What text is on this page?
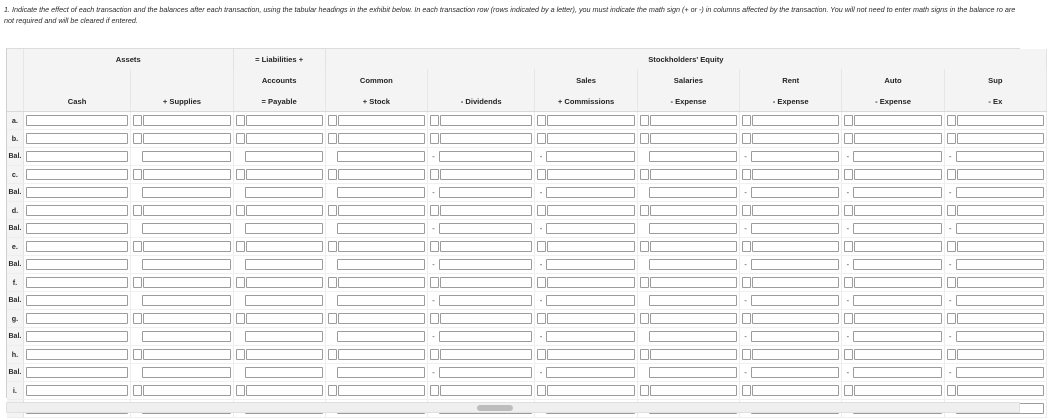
1. Indicate the effect of each transaction and the balances after each transaction, using the tabular headings in the exhibit below. In each transaction row (rows indicated by a letter), you must indicate the math sign (+ or -) in columns affected by the transaction. You will not need to enter math signs in the balance ro are not required and will be cleared if entered.
	Assets		= Liabilities +	Stockholders' Equity						
			Accounts	Common		Sales	Salaries	Rent	Auto	Sup
	Cash	+ Supplies	= Payable	+ Stock	- Dividends	+ Commissions	- Expense	- Expense	- Expense	- Ex
a.	

b.	

Bal.					-	-		-	-	-

c.	

Bal.					-	-		-	-	-

d.	

Bal.					-	-		-	-	-

e.	

Bal.					-	-		-	-	-

f.	

Bal.					-	-		-	-	-

g.	

Bal.					-	-		-	-	-

h.	

Bal.					-	-		-	-	-

i.	
